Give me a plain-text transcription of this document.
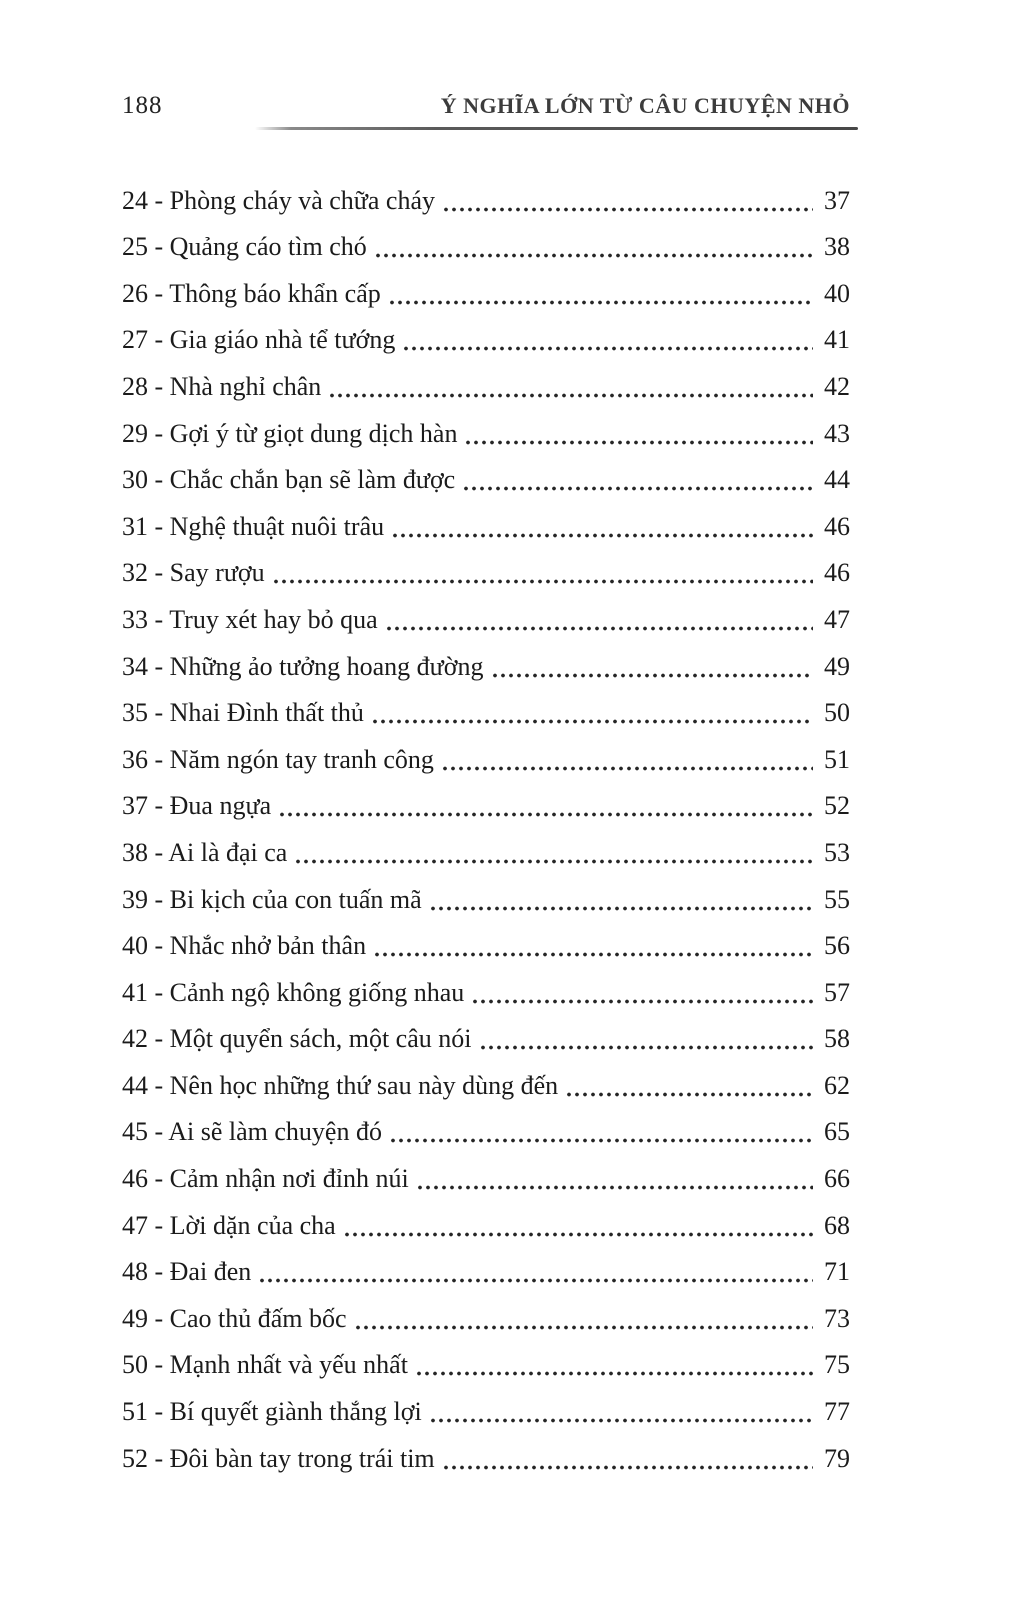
188	Ý NGHĨA LỚN TỪ CÂU CHUYỆN NHỎ
24 - Phòng cháy và chữa cháy	37
25 - Quảng cáo tìm chó	38
26 - Thông báo khẩn cấp	40
27 - Gia giáo nhà tể tướng	41
28 - Nhà nghỉ chân	42
29 - Gợi ý từ giọt dung dịch hàn	43
30 - Chắc chắn bạn sẽ làm được	44
31 - Nghệ thuật nuôi trâu	46
32 - Say rượu	46
33 - Truy xét hay bỏ qua	47
34 - Những ảo tưởng hoang đường	49
35 - Nhai Đình thất thủ	50
36 - Năm ngón tay tranh công	51
37 - Đua ngựa	52
38 - Ai là đại ca	53
39 - Bi kịch của con tuấn mã	55
40 - Nhắc nhở bản thân	56
41 - Cảnh ngộ không giống nhau	57
42 - Một quyển sách, một câu nói	58
44 - Nên học những thứ sau này dùng đến	62
45 - Ai sẽ làm chuyện đó	65
46 - Cảm nhận nơi đỉnh núi	66
47 - Lời dặn của cha	68
48 - Đai đen	71
49 - Cao thủ đấm bốc	73
50 - Mạnh nhất và yếu nhất	75
51 - Bí quyết giành thắng lợi	77
52 - Đôi bàn tay trong trái tim	79
